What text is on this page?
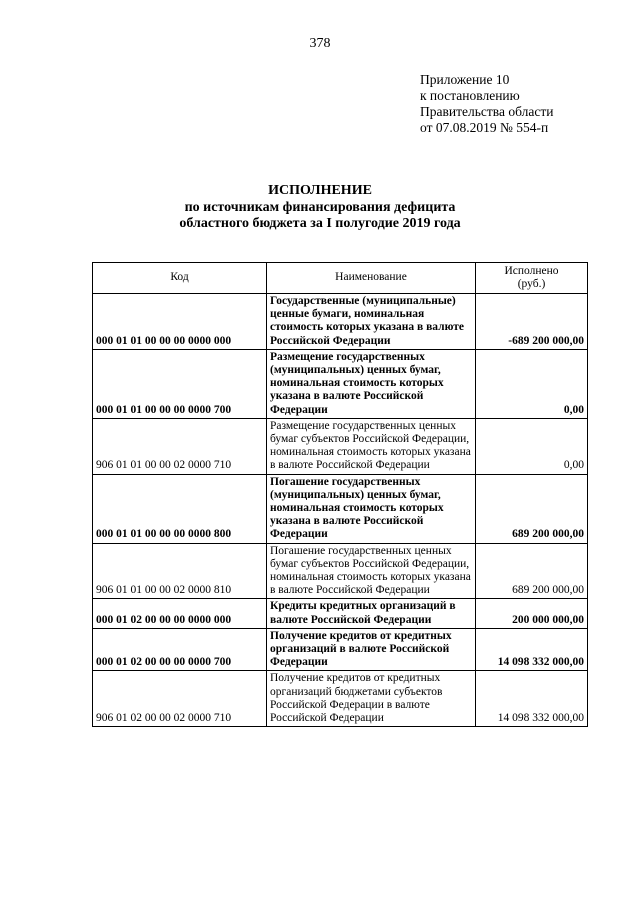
378
Приложение 10
к постановлению
Правительства области
от 07.08.2019 № 554-п
ИСПОЛНЕНИЕ
по источникам финансирования дефицита
областного бюджета за I полугодие 2019 года
Код	Наименование	Исполнено
(руб.)

000 01 01 00 00 00 0000 000	Государственные (муниципальные) ценные бумаги, номинальная стоимость которых указана в валюте Российской Федерации	-689 200 000,00
000 01 01 00 00 00 0000 700	Размещение государственных (муниципальных) ценных бумаг, номинальная стоимость которых указана в валюте Российской Федерации	0,00
906 01 01 00 00 02 0000 710	Размещение государственных ценных бумаг субъектов Российской Федерации, номинальная стоимость которых указана в валюте Российской Федерации	0,00
000 01 01 00 00 00 0000 800	Погашение государственных (муниципальных) ценных бумаг, номинальная стоимость которых указана в валюте Российской Федерации	689 200 000,00
906 01 01 00 00 02 0000 810	Погашение государственных ценных бумаг субъектов Российской Федерации, номинальная стоимость которых указана в валюте Российской Федерации	689 200 000,00
000 01 02 00 00 00 0000 000	Кредиты кредитных организаций в валюте Российской Федерации	200 000 000,00
000 01 02 00 00 00 0000 700	Получение кредитов от кредитных организаций в валюте Российской Федерации	14 098 332 000,00
906 01 02 00 00 02 0000 710	Получение кредитов от кредитных организаций бюджетами субъектов Российской Федерации в валюте Российской Федерации	14 098 332 000,00
